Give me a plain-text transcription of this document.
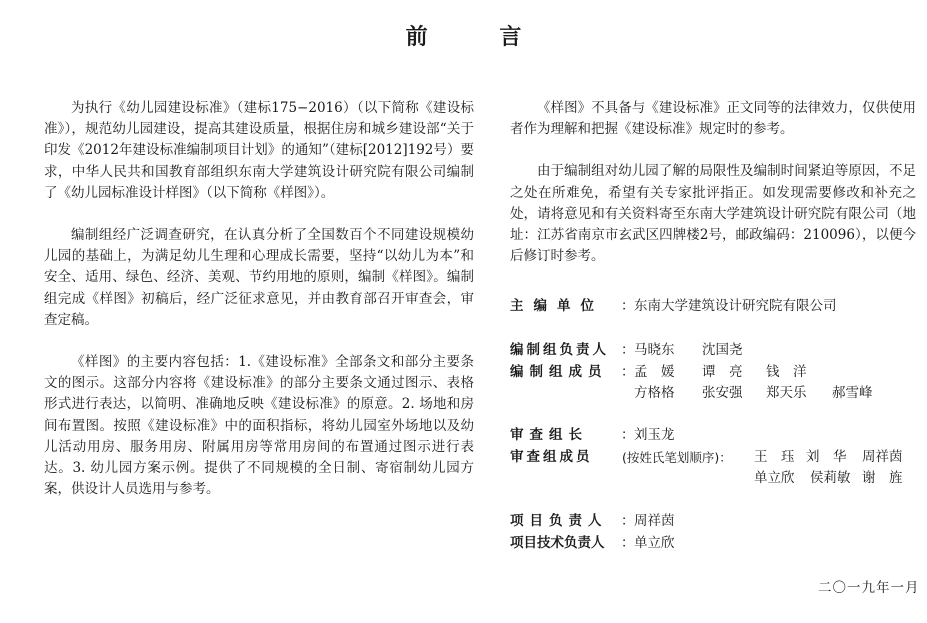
前 言

为执行《幼儿园建设标准》（建标175−2016）（以下简称《建设标准》），规范幼儿园建设，提高其建设质量，根据住房和城乡建设部“关于印发《2012年建设标准编制项目计划》的通知”（建标[2012]192号）要求，中华人民共和国教育部组织东南大学建筑设计研究院有限公司编制了《幼儿园标准设计样图》（以下简称《样图》）。

编制组经广泛调查研究，在认真分析了全国数百个不同建设规模幼儿园的基础上，为满足幼儿生理和心理成长需要，坚持“以幼儿为本”和安全、适用、绿色、经济、美观、节约用地的原则，编制《样图》。编制组完成《样图》初稿后，经广泛征求意见，并由教育部召开审查会，审查定稿。

《样图》的主要内容包括：1.《建设标准》全部条文和部分主要条文的图示。这部分内容将《建设标准》的部分主要条文通过图示、表格形式进行表达，以简明、准确地反映《建设标准》的原意。2. 场地和房间布置图。按照《建设标准》中的面积指标，将幼儿园室外场地以及幼儿活动用房、服务用房、附属用房等常用房间的布置通过图示进行表达。3. 幼儿园方案示例。提供了不同规模的全日制、寄宿制幼儿园方案，供设计人员选用与参考。

《样图》不具备与《建设标准》正文同等的法律效力，仅供使用者作为理解和把握《建设标准》规定时的参考。

由于编制组对幼儿园了解的局限性及编制时间紧迫等原因，不足之处在所难免，希望有关专家批评指正。如发现需要修改和补充之处，请将意见和有关资料寄至东南大学建筑设计研究院有限公司（地址：江苏省南京市玄武区四牌楼2号，邮政编码：210096），以便今后修订时参考。

主编单位 ： 东南大学建筑设计研究院有限公司
编制组负责人 ： 马晓东 沈国尧
编制组成员 ： 孟　媛 谭　亮 钱　洋
方格格 张安强 郑天乐 郝雪峰
审查组长 ： 刘玉龙
审查组成员 (按姓氏笔划顺序)： 王　珏 刘　华 周祥茵
单立欣 侯莉敏 谢　旌
项目负责人 ： 周祥茵
项目技术负责人 ： 单立欣
二〇一九年一月
